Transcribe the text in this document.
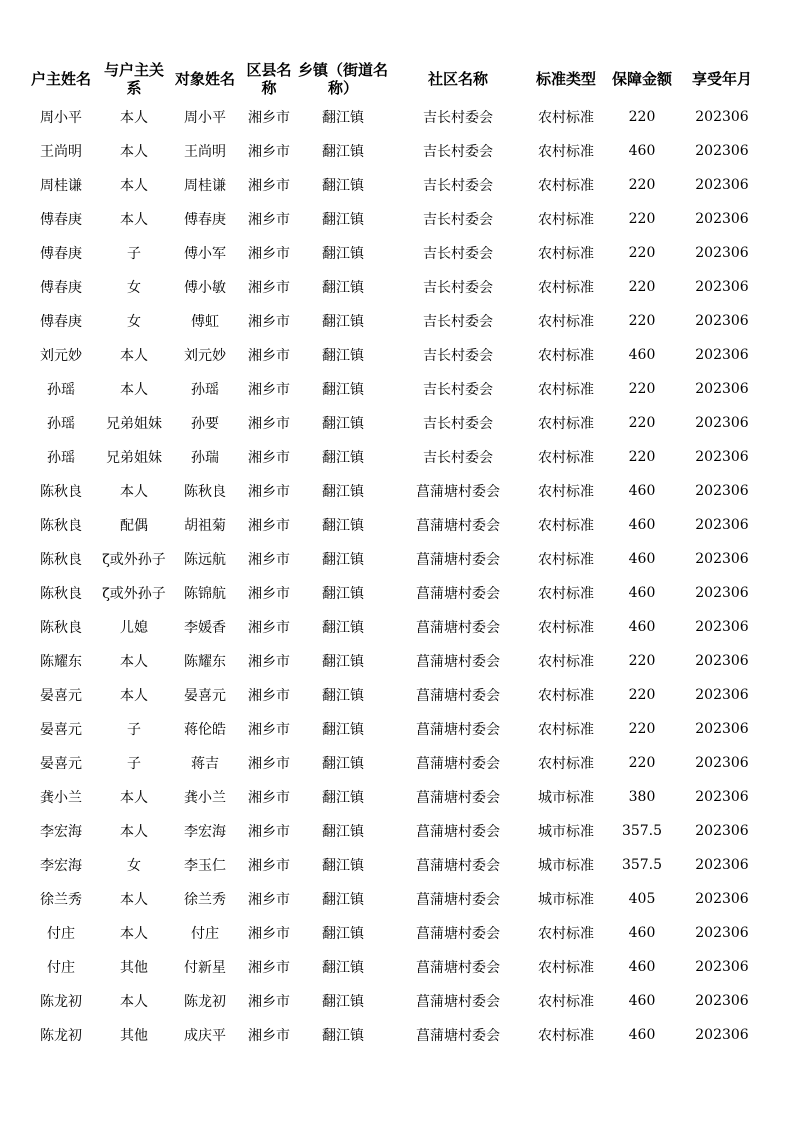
户主姓名	与户主关系	对象姓名	区县名称	乡镇（街道名称）	社区名称	标准类型	保障金额	享受年月
周小平	本人	周小平	湘乡市	翻江镇	吉长村委会	农村标准	220	202306
王尚明	本人	王尚明	湘乡市	翻江镇	吉长村委会	农村标准	460	202306
周桂谦	本人	周桂谦	湘乡市	翻江镇	吉长村委会	农村标准	220	202306
傅春庚	本人	傅春庚	湘乡市	翻江镇	吉长村委会	农村标准	220	202306
傅春庚	子	傅小军	湘乡市	翻江镇	吉长村委会	农村标准	220	202306
傅春庚	女	傅小敏	湘乡市	翻江镇	吉长村委会	农村标准	220	202306
傅春庚	女	傅虹	湘乡市	翻江镇	吉长村委会	农村标准	220	202306
刘元妙	本人	刘元妙	湘乡市	翻江镇	吉长村委会	农村标准	460	202306
孙瑶	本人	孙瑶	湘乡市	翻江镇	吉长村委会	农村标准	220	202306
孙瑶	兄弟姐妹	孙要	湘乡市	翻江镇	吉长村委会	农村标准	220	202306
孙瑶	兄弟姐妹	孙瑞	湘乡市	翻江镇	吉长村委会	农村标准	220	202306
陈秋良	本人	陈秋良	湘乡市	翻江镇	菖蒲塘村委会	农村标准	460	202306
陈秋良	配偶	胡祖菊	湘乡市	翻江镇	菖蒲塘村委会	农村标准	460	202306
陈秋良	ζ或外孙子	陈远航	湘乡市	翻江镇	菖蒲塘村委会	农村标准	460	202306
陈秋良	ζ或外孙子	陈锦航	湘乡市	翻江镇	菖蒲塘村委会	农村标准	460	202306
陈秋良	儿媳	李媛香	湘乡市	翻江镇	菖蒲塘村委会	农村标准	460	202306
陈耀东	本人	陈耀东	湘乡市	翻江镇	菖蒲塘村委会	农村标准	220	202306
晏喜元	本人	晏喜元	湘乡市	翻江镇	菖蒲塘村委会	农村标准	220	202306
晏喜元	子	蒋伦皓	湘乡市	翻江镇	菖蒲塘村委会	农村标准	220	202306
晏喜元	子	蒋吉	湘乡市	翻江镇	菖蒲塘村委会	农村标准	220	202306
龚小兰	本人	龚小兰	湘乡市	翻江镇	菖蒲塘村委会	城市标准	380	202306
李宏海	本人	李宏海	湘乡市	翻江镇	菖蒲塘村委会	城市标准	357.5	202306
李宏海	女	李玉仁	湘乡市	翻江镇	菖蒲塘村委会	城市标准	357.5	202306
徐兰秀	本人	徐兰秀	湘乡市	翻江镇	菖蒲塘村委会	城市标准	405	202306
付庄	本人	付庄	湘乡市	翻江镇	菖蒲塘村委会	农村标准	460	202306
付庄	其他	付新星	湘乡市	翻江镇	菖蒲塘村委会	农村标准	460	202306
陈龙初	本人	陈龙初	湘乡市	翻江镇	菖蒲塘村委会	农村标准	460	202306
陈龙初	其他	成庆平	湘乡市	翻江镇	菖蒲塘村委会	农村标准	460	202306
